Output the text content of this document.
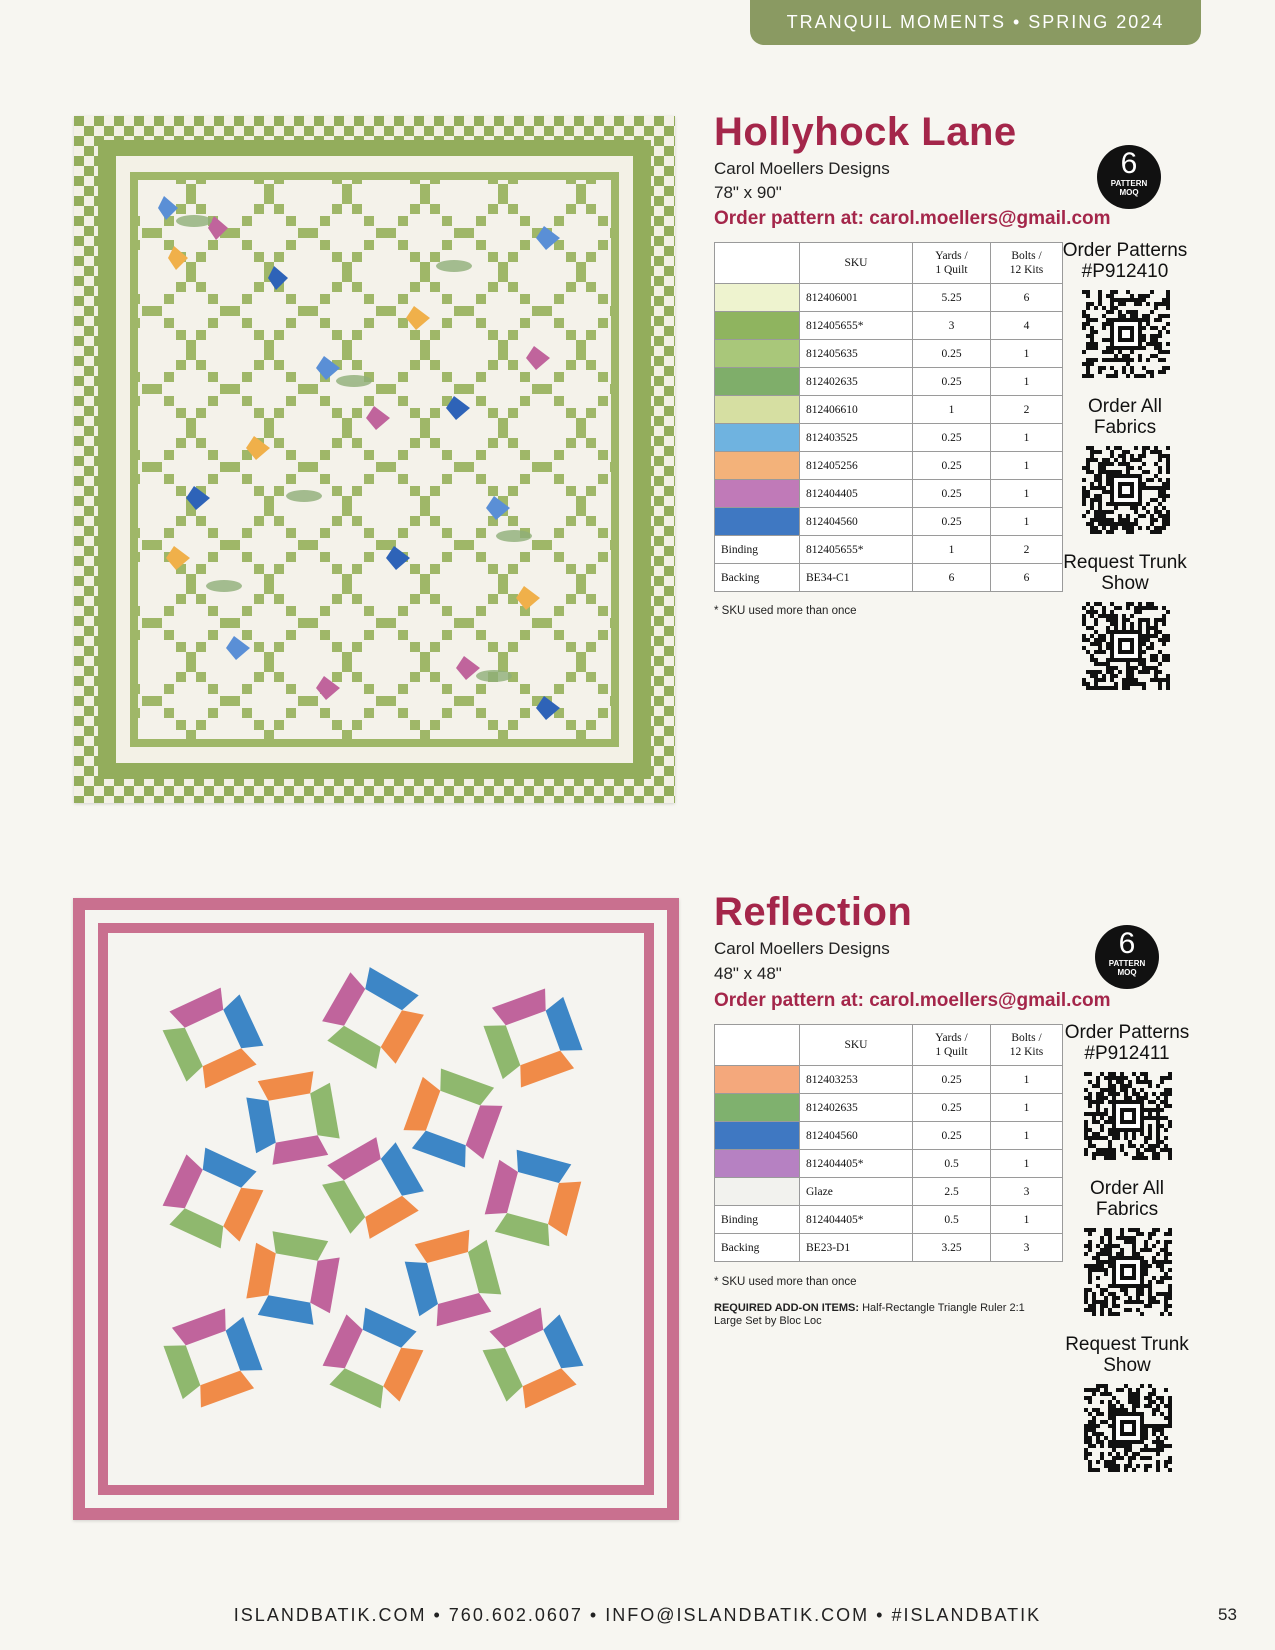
TRANQUIL MOMENTS • SPRING 2024
Hollyhock Lane
Carol Moellers Designs
78" x 90"
Order pattern at: carol.moellers@gmail.com
6
PATTERN
MOQ
	SKU	Yards /
1 Quilt	Bolts /
12 Kits
	812406001	5.25	6
	812405655*	3	4
	812405635	0.25	1
	812402635	0.25	1
	812406610	1	2
	812403525	0.25	1
	812405256	0.25	1
	812404405	0.25	1
	812404560	0.25	1
Binding	812405655*	1	2
Backing	BE34-C1	6	6
* SKU used more than once
Order Patterns
#P912410
Order All
Fabrics
Request Trunk
Show
Reflection
Carol Moellers Designs
48" x 48"
Order pattern at: carol.moellers@gmail.com
6
PATTERN
MOQ
	SKU	Yards /
1 Quilt	Bolts /
12 Kits
	812403253	0.25	1
	812402635	0.25	1
	812404560	0.25	1
	812404405*	0.5	1
	Glaze	2.5	3
Binding	812404405*	0.5	1
Backing	BE23-D1	3.25	3
* SKU used more than once
REQUIRED ADD-ON ITEMS: Half-Rectangle Triangle Ruler 2:1 Large Set by Bloc Loc
Order Patterns
#P912411
Order All
Fabrics
Request Trunk
Show
ISLANDBATIK.COM • 760.602.0607 • INFO@ISLANDBATIK.COM • #ISLANDBATIK	53
